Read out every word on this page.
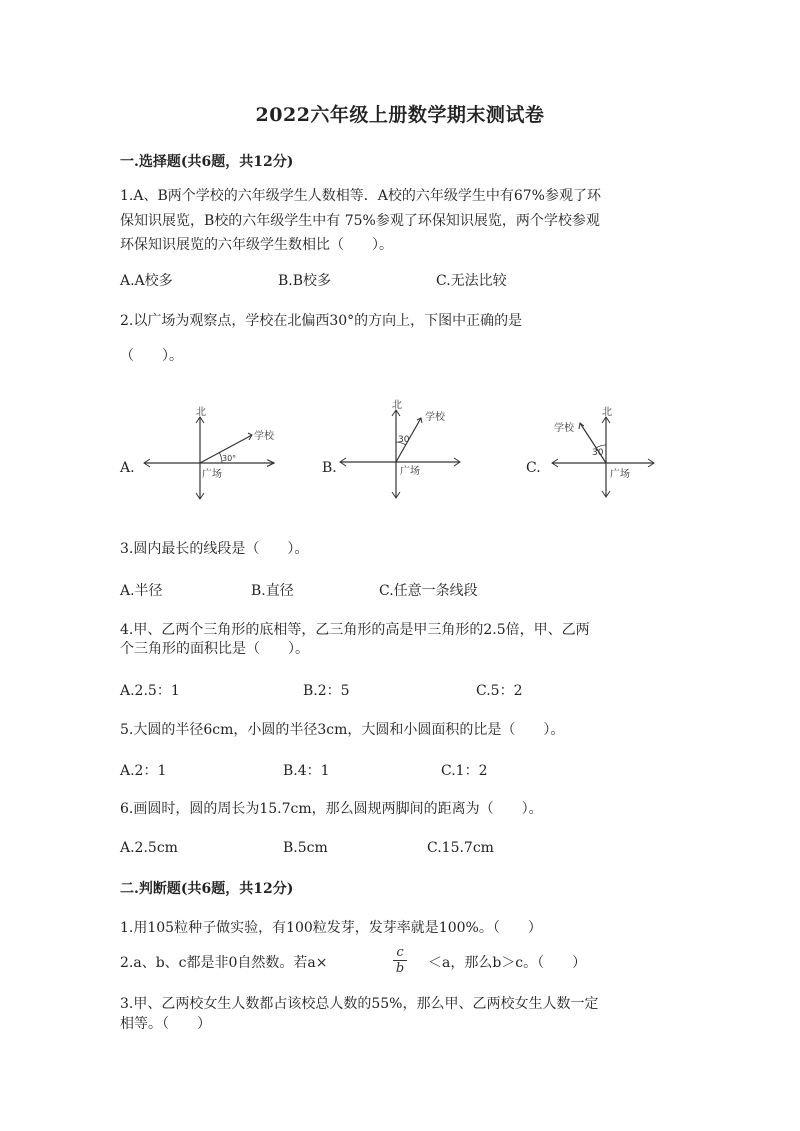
2022六年级上册数学期末测试卷
一.选择题(共6题，共12分)
1.A、B两个学校的六年级学生人数相等．A校的六年级学生中有67%参观了环
保知识展览，B校的六年级学生中有 75%参观了环保知识展览，两个学校参观
环保知识展览的六年级学生数相比（　　）。
A.A校多	B.B校多	C.无法比较
2.以广场为观察点，学校在北偏西30°的方向上，下图中正确的是
（　　）。
A.
北
学校
30°
广场	B.
北
学校
30
广场	C.
北
学校
30
广场
3.圆内最长的线段是（　　）。
A.半径	B.直径	C.任意一条线段
4.甲、乙两个三角形的底相等，乙三角形的高是甲三角形的2.5倍，甲、乙两
个三角形的面积比是（　　）。
A.2.5：1	B.2：5	C.5：2
5.大圆的半径6cm，小圆的半径3cm，大圆和小圆面积的比是（　　）。
A.2：1	B.4：1	C.1：2
6.画圆时，圆的周长为15.7cm，那么圆规两脚间的距离为（　　）。
A.2.5cm	B.5cm	C.15.7cm
二.判断题(共6题，共12分)
1.用105粒种子做实验，有100粒发芽，发芽率就是100%。（　　）
2.a、b、c都是非0自然数。若a×
c
b ＜a，那么b＞c。（　　）
3.甲、乙两校女生人数都占该校总人数的55%，那么甲、乙两校女生人数一定
相等。（　　）
